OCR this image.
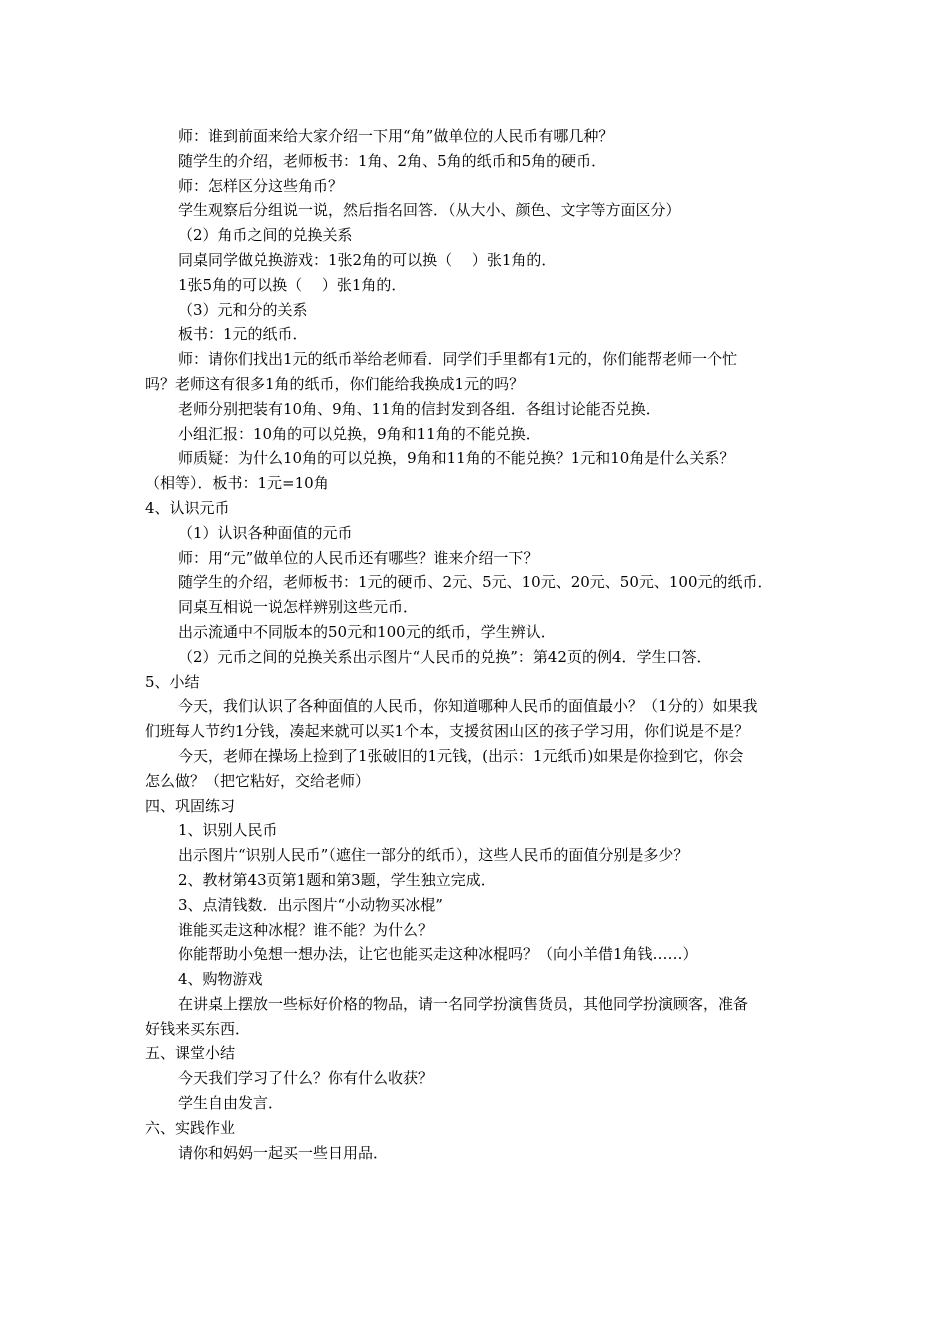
师：谁到前面来给大家介绍一下用“角”做单位的人民币有哪几种？
随学生的介绍，老师板书：1角、2角、5角的纸币和5角的硬币．
师：怎样区分这些角币？
学生观察后分组说一说，然后指名回答．（从大小、颜色、文字等方面区分）
（2）角币之间的兑换关系
同桌同学做兑换游戏：1张2角的可以换（　 ）张1角的．
1张5角的可以换（　 ）张1角的．
（3）元和分的关系
板书：1元的纸币．
师：请你们找出1元的纸币举给老师看．同学们手里都有1元的，你们能帮老师一个忙
吗？老师这有很多1角的纸币，你们能给我换成1元的吗？
老师分别把装有10角、9角、11角的信封发到各组．各组讨论能否兑换．
小组汇报：10角的可以兑换，9角和11角的不能兑换．
师质疑：为什么10角的可以兑换，9角和11角的不能兑换？1元和10角是什么关系？
（相等）．板书：1元=10角
4、认识元币
（1）认识各种面值的元币
师：用“元”做单位的人民币还有哪些？谁来介绍一下？
随学生的介绍，老师板书：1元的硬币、2元、5元、10元、20元、50元、100元的纸币．
同桌互相说一说怎样辨别这些元币．
出示流通中不同版本的50元和100元的纸币，学生辨认．
（2）元币之间的兑换关系出示图片“人民币的兑换”：第42页的例4．学生口答．
5、小结
今天，我们认识了各种面值的人民币，你知道哪种人民币的面值最小？（1分的）如果我
们班每人节约1分钱，凑起来就可以买1个本，支援贫困山区的孩子学习用，你们说是不是？
今天，老师在操场上捡到了1张破旧的1元钱，(出示：1元纸币)如果是你捡到它，你会
怎么做？（把它粘好，交给老师）
四、巩固练习
1、识别人民币
出示图片“识别人民币”（遮住一部分的纸币），这些人民币的面值分别是多少？
2、教材第43页第1题和第3题，学生独立完成．
3、点清钱数．出示图片“小动物买冰棍”
谁能买走这种冰棍？谁不能？为什么？
你能帮助小兔想一想办法，让它也能买走这种冰棍吗？（向小羊借1角钱……）
4、购物游戏
在讲桌上摆放一些标好价格的物品，请一名同学扮演售货员，其他同学扮演顾客，准备
好钱来买东西．
五、课堂小结
今天我们学习了什么？你有什么收获？
学生自由发言．
六、实践作业
请你和妈妈一起买一些日用品．
